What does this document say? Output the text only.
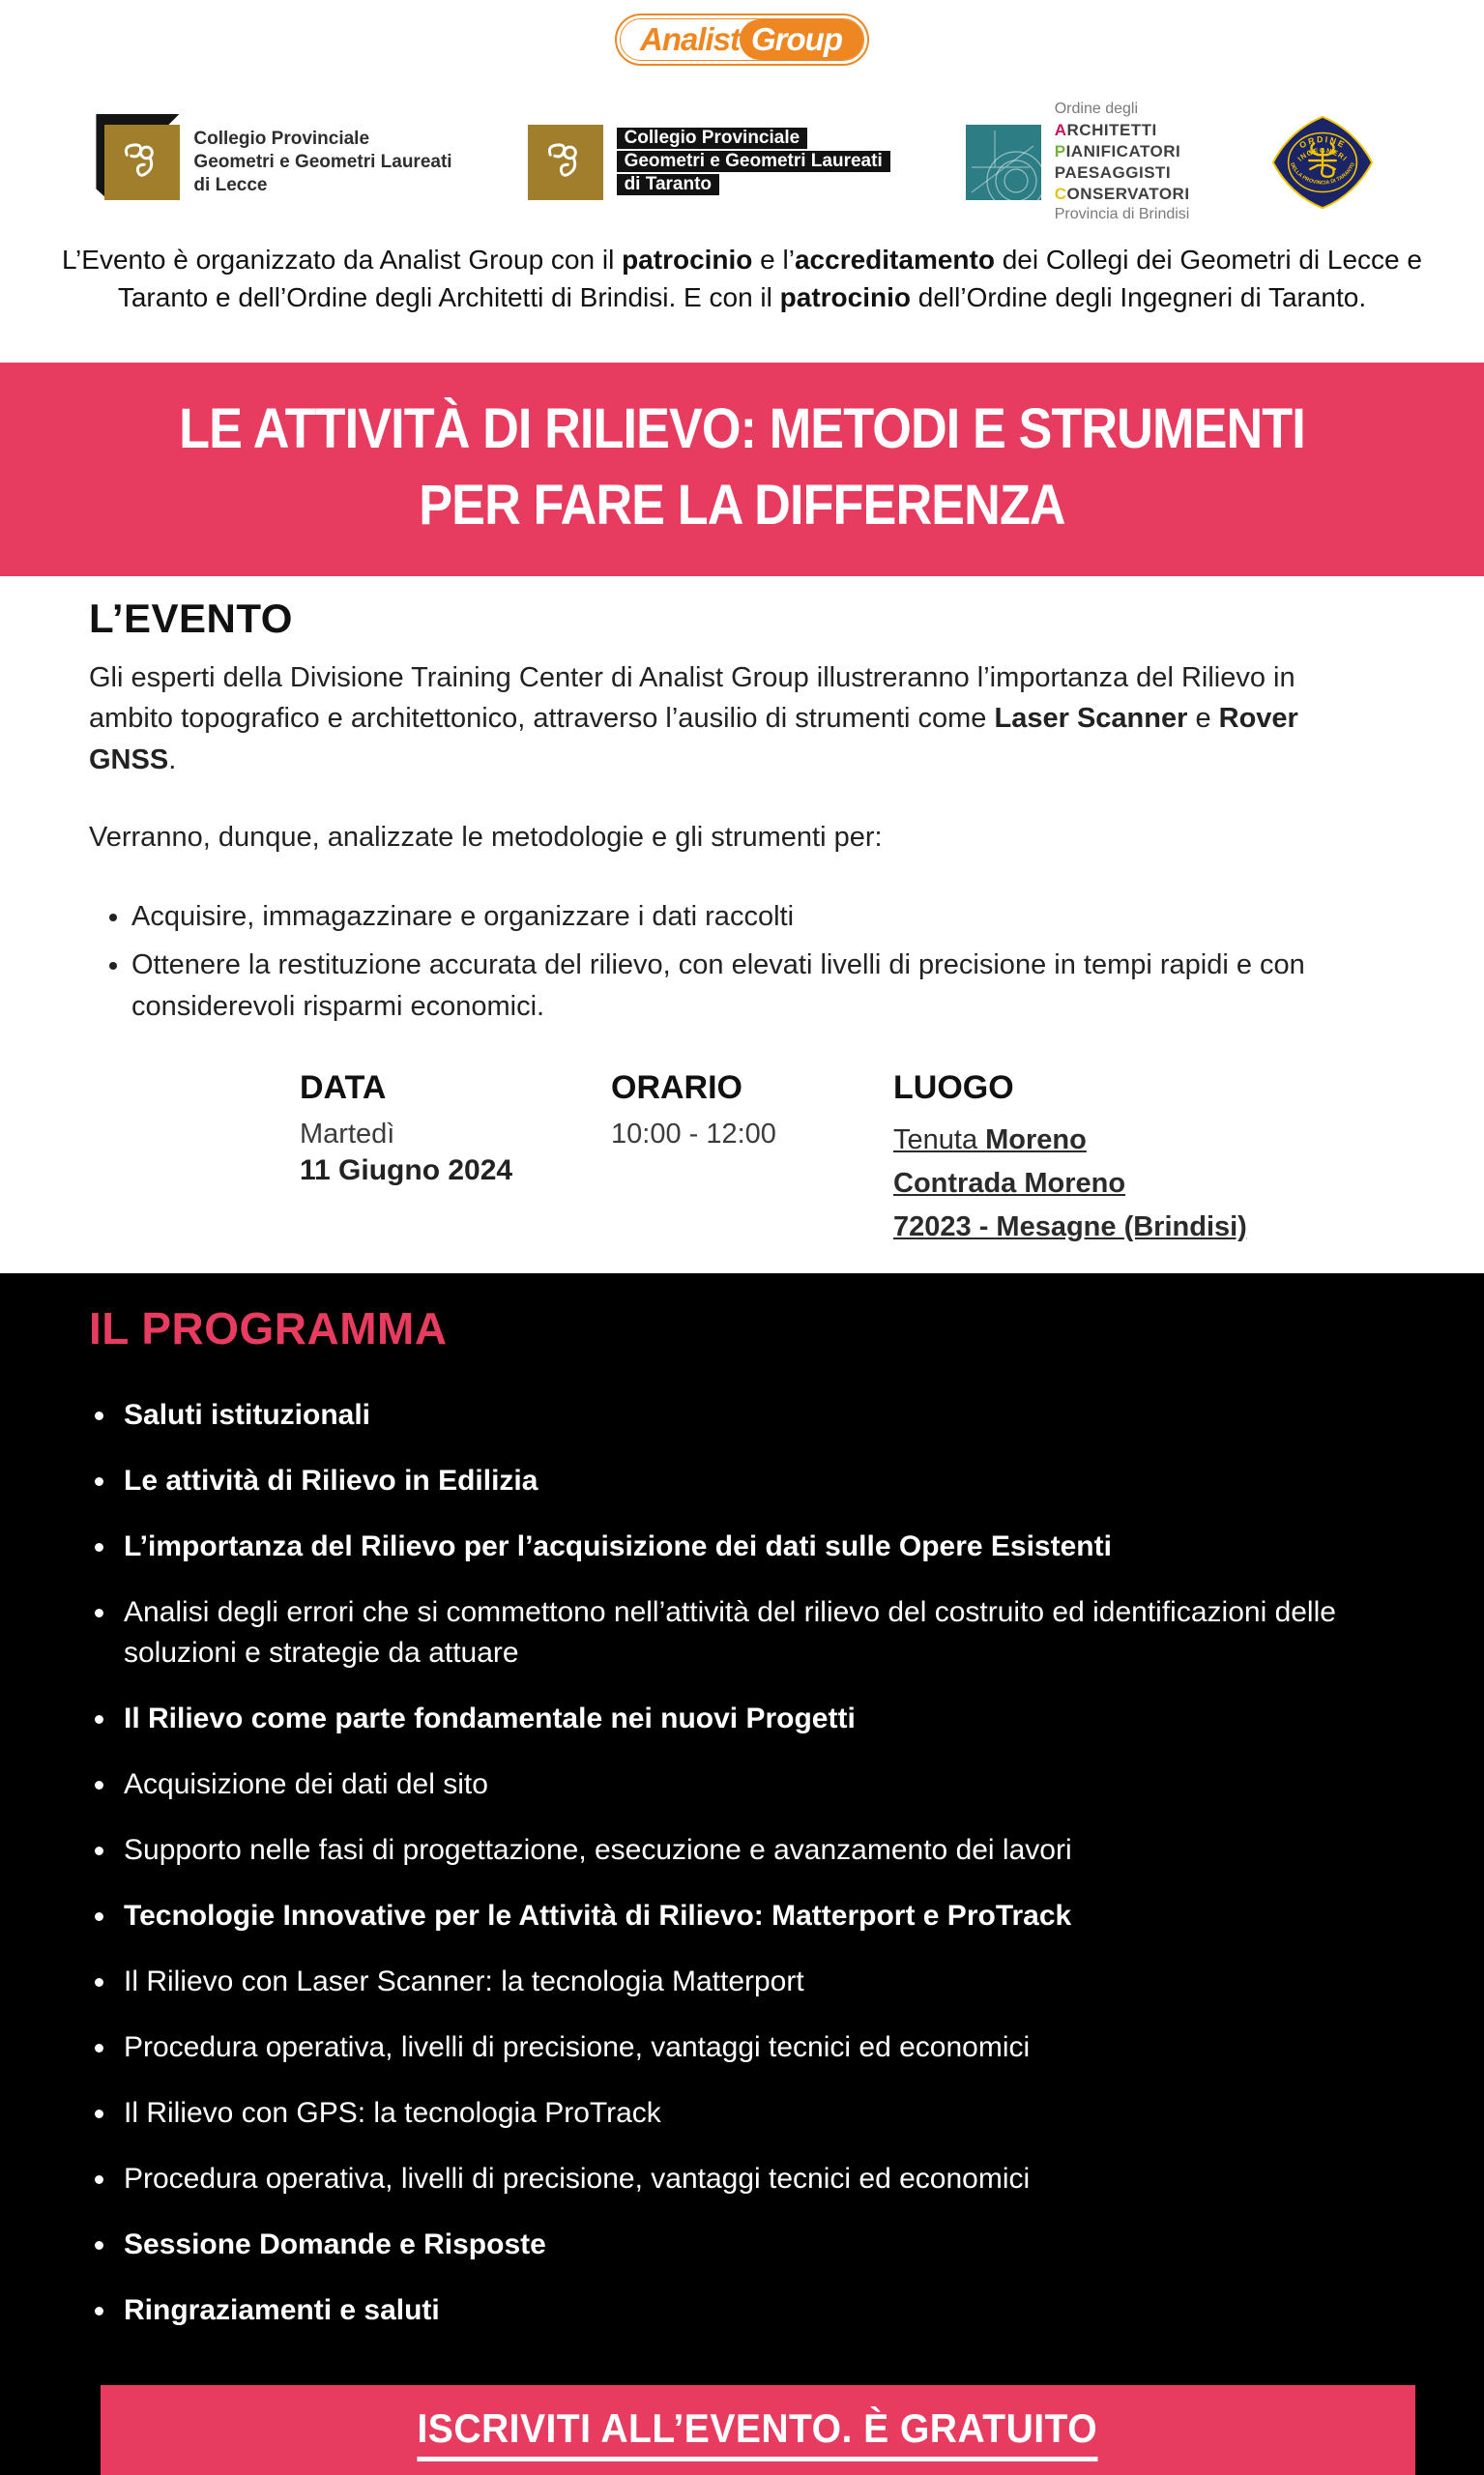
Analist Group
Collegio Provinciale
Geometri e Geometri Laureati
di Lecce
Collegio Provinciale
Geometri e Geometri Laureati
di Taranto
Ordine degli
ARCHITETTI
PIANIFICATORI
PAESAGGISTI
CONSERVATORI
Provincia di Brindisi
ORDINE
INGEGNERI
DELLA PROVINCIA DI TARANTO

L’Evento è organizzato da Analist Group con il patrocinio e l’accreditamento dei Collegi dei Geometri di Lecce e Taranto e dell’Ordine degli Architetti di Brindisi. E con il patrocinio dell’Ordine degli Ingegneri di Taranto.

LE ATTIVITÀ DI RILIEVO: METODI E STRUMENTI
PER FARE LA DIFFERENZA
L’EVENTO

Gli esperti della Divisione Training Center di Analist Group illustreranno l’importanza del Rilievo in ambito topografico e architettonico, attraverso l’ausilio di strumenti come Laser Scanner e Rover GNSS.

Verranno, dunque, analizzate le metodologie e gli strumenti per:

• Acquisire, immagazzinare e organizzare i dati raccolti
• Ottenere la restituzione accurata del rilievo, con elevati livelli di precisione in tempi rapidi e con considerevoli risparmi economici.
DATA
Martedì
11 Giugno 2024
ORARIO
10:00 - 12:00
LUOGO
Tenuta Moreno
Contrada Moreno
72023 - Mesagne (Brindisi)
IL PROGRAMMA
• Saluti istituzionali
• Le attività di Rilievo in Edilizia
• L’importanza del Rilievo per l’acquisizione dei dati sulle Opere Esistenti
• Analisi degli errori che si commettono nell’attività del rilievo del costruito ed identificazioni delle soluzioni e strategie da attuare
• Il Rilievo come parte fondamentale nei nuovi Progetti
• Acquisizione dei dati del sito
• Supporto nelle fasi di progettazione, esecuzione e avanzamento dei lavori
• Tecnologie Innovative per le Attività di Rilievo: Matterport e ProTrack
• Il Rilievo con Laser Scanner: la tecnologia Matterport
• Procedura operativa, livelli di precisione, vantaggi tecnici ed economici
• Il Rilievo con GPS: la tecnologia ProTrack
• Procedura operativa, livelli di precisione, vantaggi tecnici ed economici
• Sessione Domande e Risposte
• Ringraziamenti e saluti
ISCRIVITI ALL’EVENTO. È GRATUITO
